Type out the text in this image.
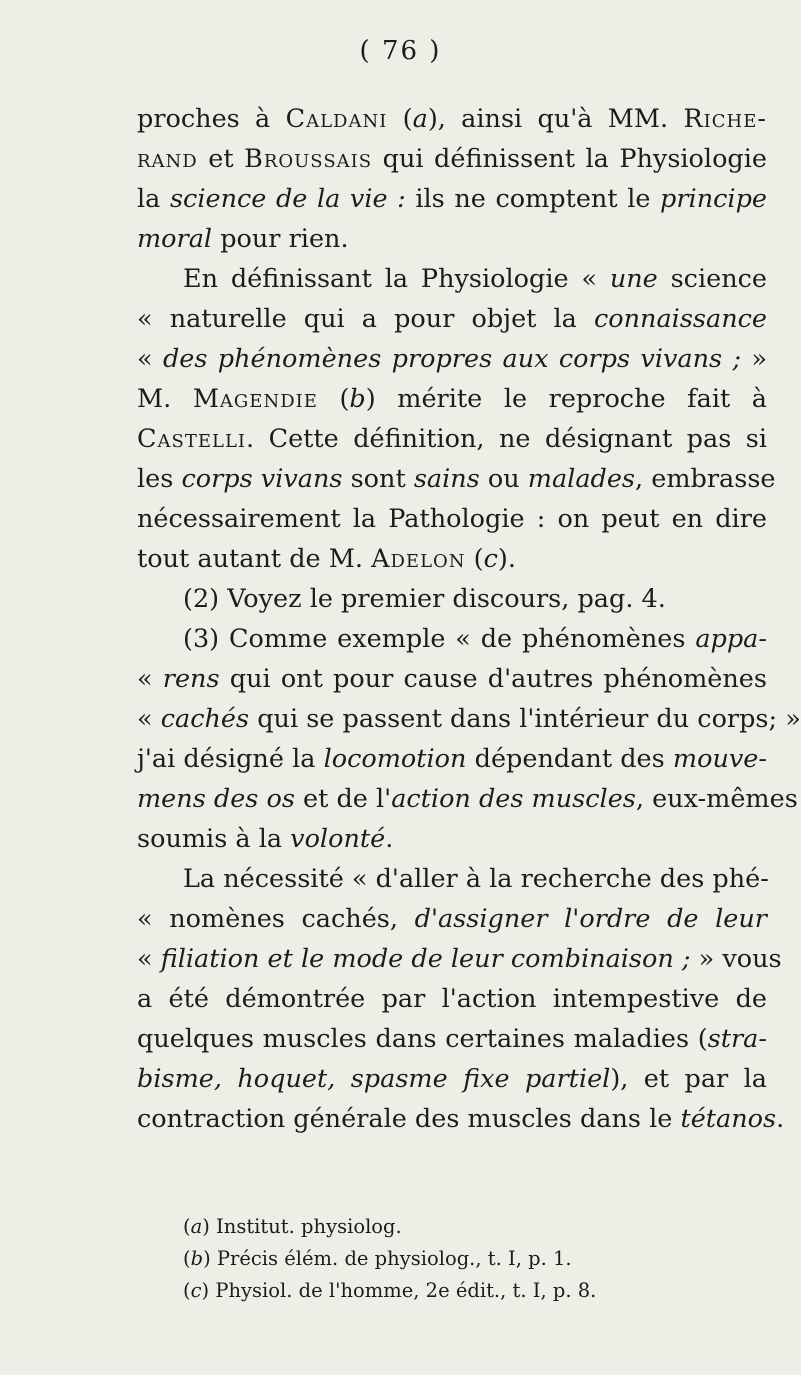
( 76 )
proches à Caldani (a), ainsi qu'à MM. Riche-
rand et Broussais qui définissent la Physiologie
la science de la vie : ils ne comptent le principe
moral pour rien.
En définissant la Physiologie « une science
« naturelle qui a pour objet la connaissance
« des phénomènes propres aux corps vivans ; »
M. Magendie (b) mérite le reproche fait à
Castelli. Cette définition, ne désignant pas si
les corps vivans sont sains ou malades, embrasse
nécessairement la Pathologie : on peut en dire
tout autant de M. Adelon (c).
(2) Voyez le premier discours, pag. 4.
(3) Comme exemple « de phénomènes appa-
« rens qui ont pour cause d'autres phénomènes
« cachés qui se passent dans l'intérieur du corps; »
j'ai désigné la locomotion dépendant des mouve-
mens des os et de l'action des muscles, eux-mêmes
soumis à la volonté.
La nécessité « d'aller à la recherche des phé-
« nomènes cachés, d'assigner l'ordre de leur
« filiation et le mode de leur combinaison ; » vous
a été démontrée par l'action intempestive de
quelques muscles dans certaines maladies (stra-
bisme, hoquet, spasme fixe partiel), et par la
contraction générale des muscles dans le tétanos.
(a) Institut. physiolog.
(b) Précis élém. de physiolog., t. I, p. 1.
(c) Physiol. de l'homme, 2e édit., t. I, p. 8.
